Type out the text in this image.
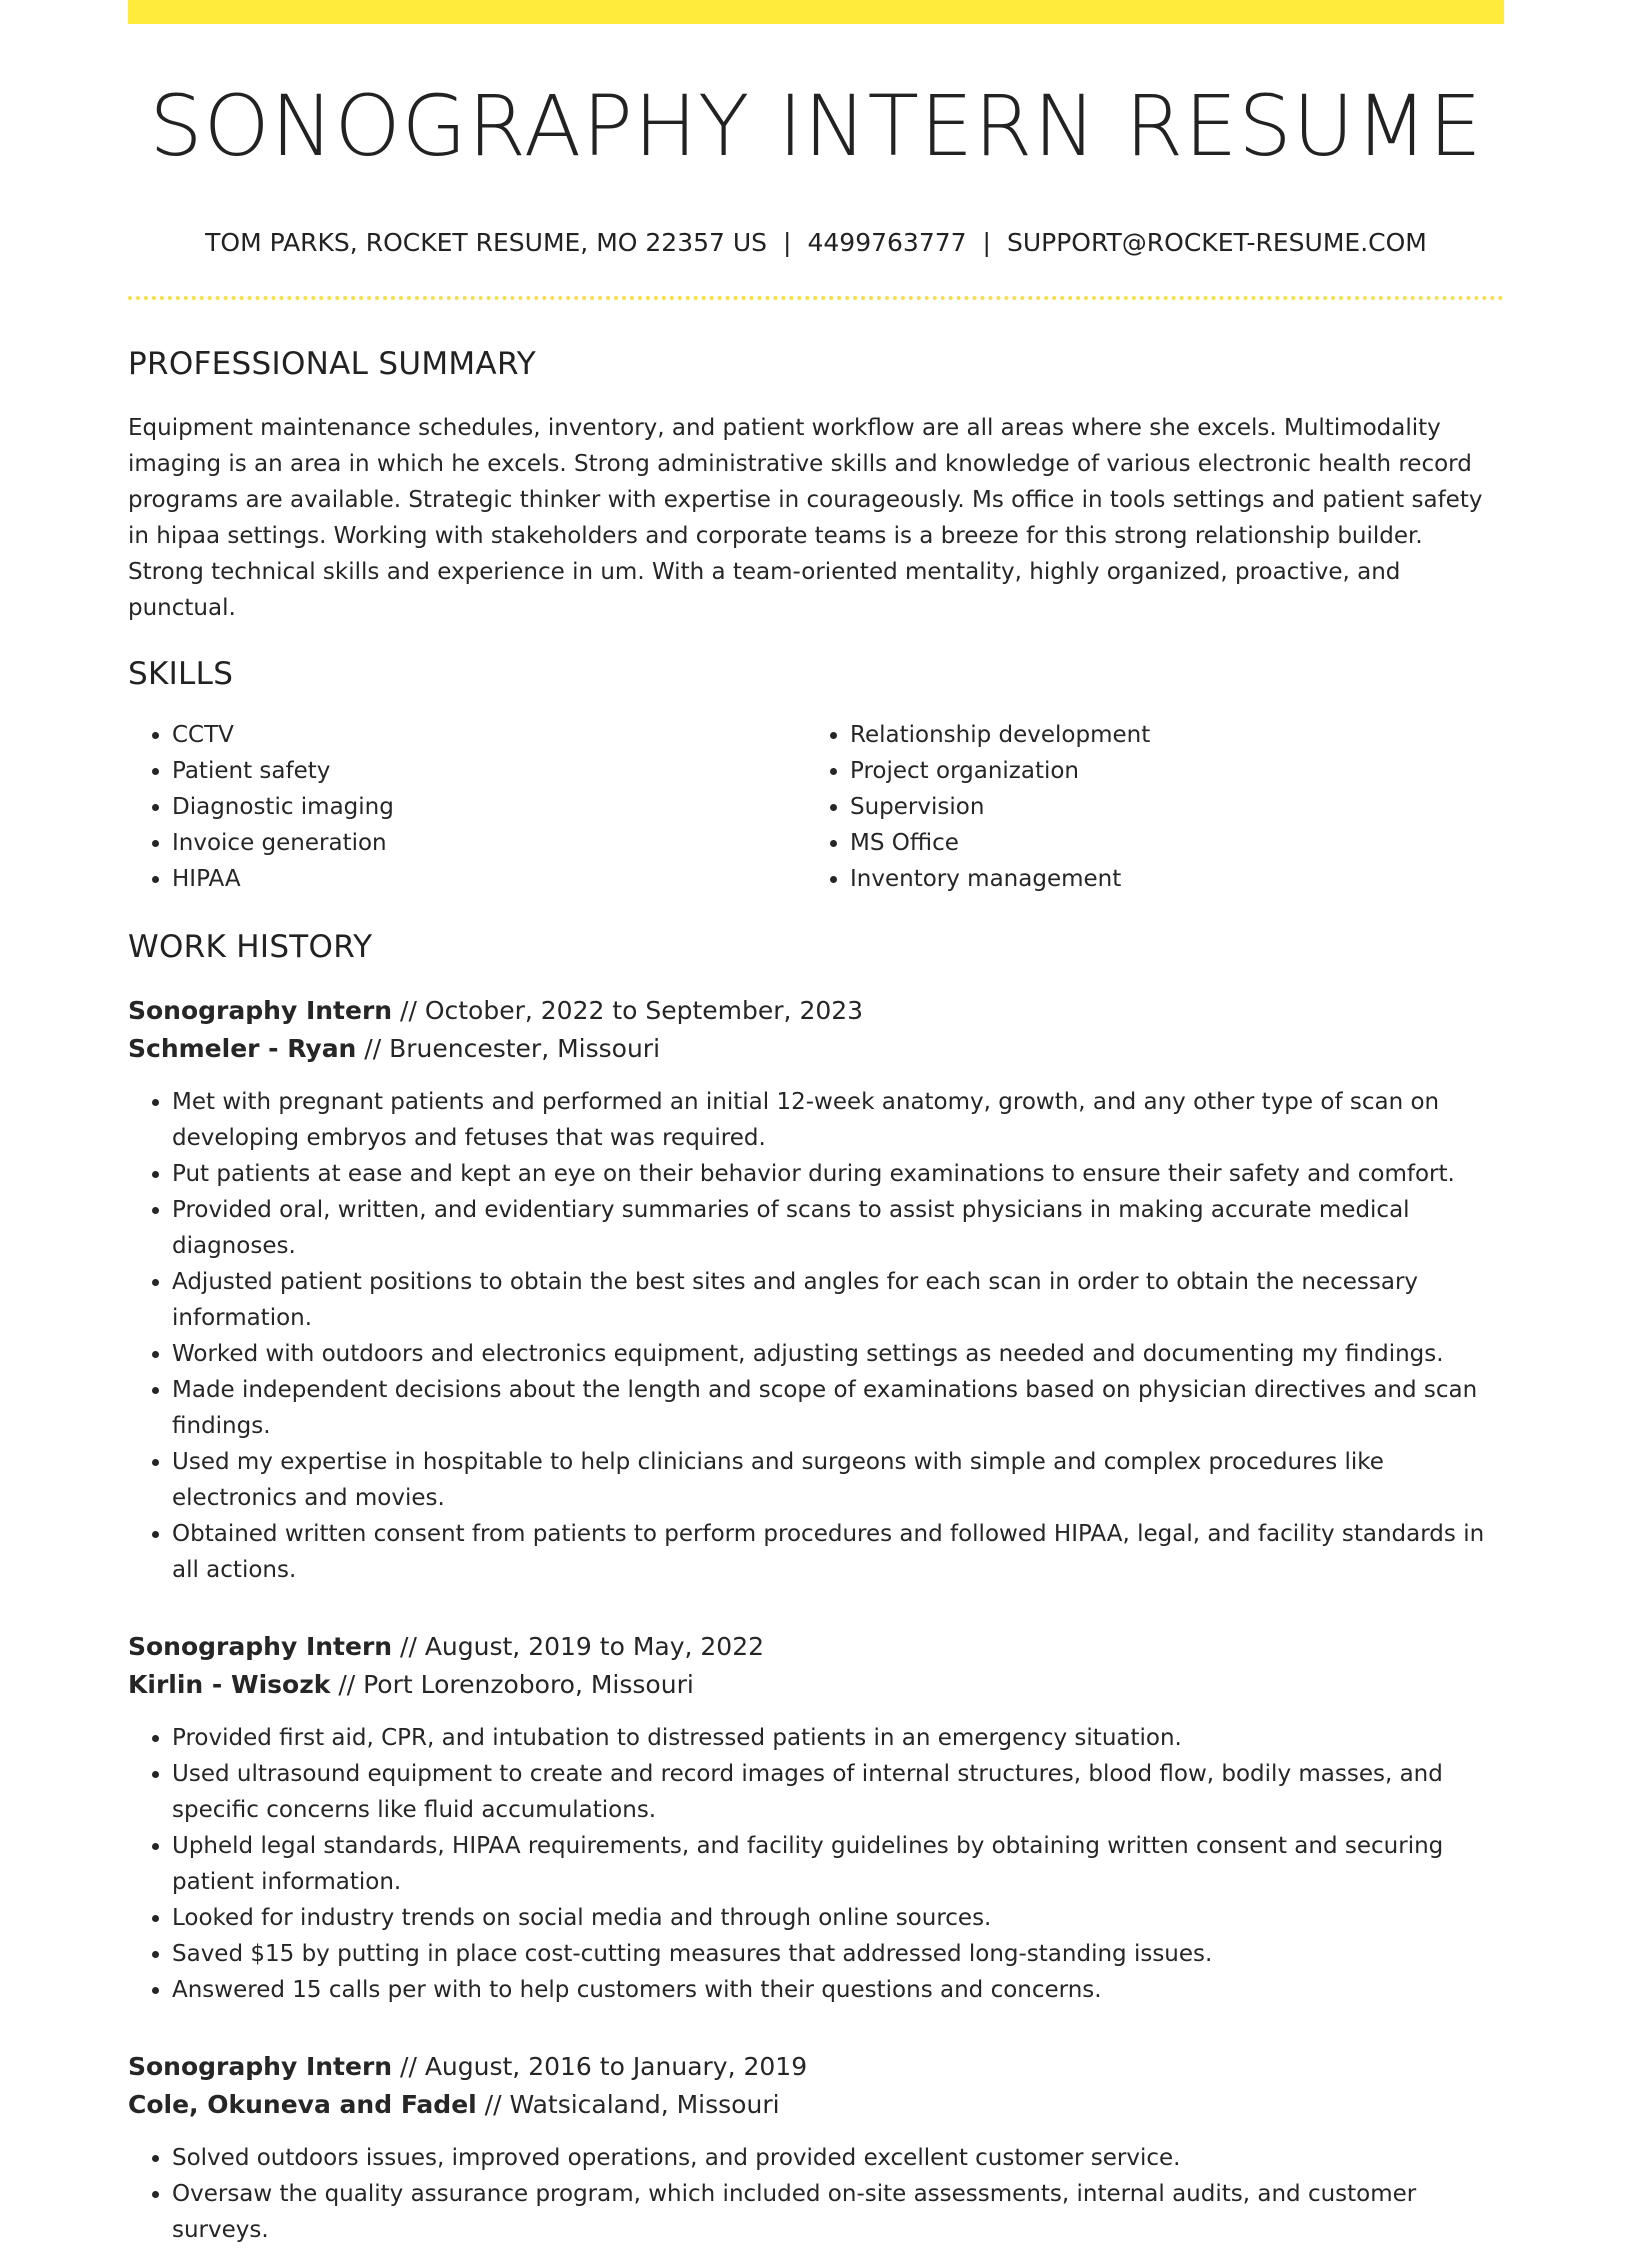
SONOGRAPHY INTERN RESUME
TOM PARKS, ROCKET RESUME, MO 22357 US | 4499763777 | SUPPORT@ROCKET-RESUME.COM
PROFESSIONAL SUMMARY

Equipment maintenance schedules, inventory, and patient workflow are all areas where she excels. Multimodality imaging is an area in which he excels. Strong administrative skills and knowledge of various electronic health record programs are available. Strategic thinker with expertise in courageously. Ms office in tools settings and patient safety in hipaa settings. Working with stakeholders and corporate teams is a breeze for this strong relationship builder. Strong technical skills and experience in um. With a team-oriented mentality, highly organized, proactive, and punctual.

SKILLS
• CCTV
• Patient safety
• Diagnostic imaging
• Invoice generation
• HIPAA
• Relationship development
• Project organization
• Supervision
• MS Office
• Inventory management
WORK HISTORY
Sonography Intern // October, 2022 to September, 2023
Schmeler - Ryan // Bruencester, Missouri
• Met with pregnant patients and performed an initial 12-week anatomy, growth, and any other type of scan on developing embryos and fetuses that was required.
• Put patients at ease and kept an eye on their behavior during examinations to ensure their safety and comfort.
• Provided oral, written, and evidentiary summaries of scans to assist physicians in making accurate medical diagnoses.
• Adjusted patient positions to obtain the best sites and angles for each scan in order to obtain the necessary information.
• Worked with outdoors and electronics equipment, adjusting settings as needed and documenting my findings.
• Made independent decisions about the length and scope of examinations based on physician directives and scan findings.
• Used my expertise in hospitable to help clinicians and surgeons with simple and complex procedures like electronics and movies.
• Obtained written consent from patients to perform procedures and followed HIPAA, legal, and facility standards in all actions.
Sonography Intern // August, 2019 to May, 2022
Kirlin - Wisozk // Port Lorenzoboro, Missouri
• Provided first aid, CPR, and intubation to distressed patients in an emergency situation.
• Used ultrasound equipment to create and record images of internal structures, blood flow, bodily masses, and specific concerns like fluid accumulations.
• Upheld legal standards, HIPAA requirements, and facility guidelines by obtaining written consent and securing patient information.
• Looked for industry trends on social media and through online sources.
• Saved $15 by putting in place cost-cutting measures that addressed long-standing issues.
• Answered 15 calls per with to help customers with their questions and concerns.
Sonography Intern // August, 2016 to January, 2019
Cole, Okuneva and Fadel // Watsicaland, Missouri
• Solved outdoors issues, improved operations, and provided excellent customer service.
• Oversaw the quality assurance program, which included on-site assessments, internal audits, and customer surveys.
